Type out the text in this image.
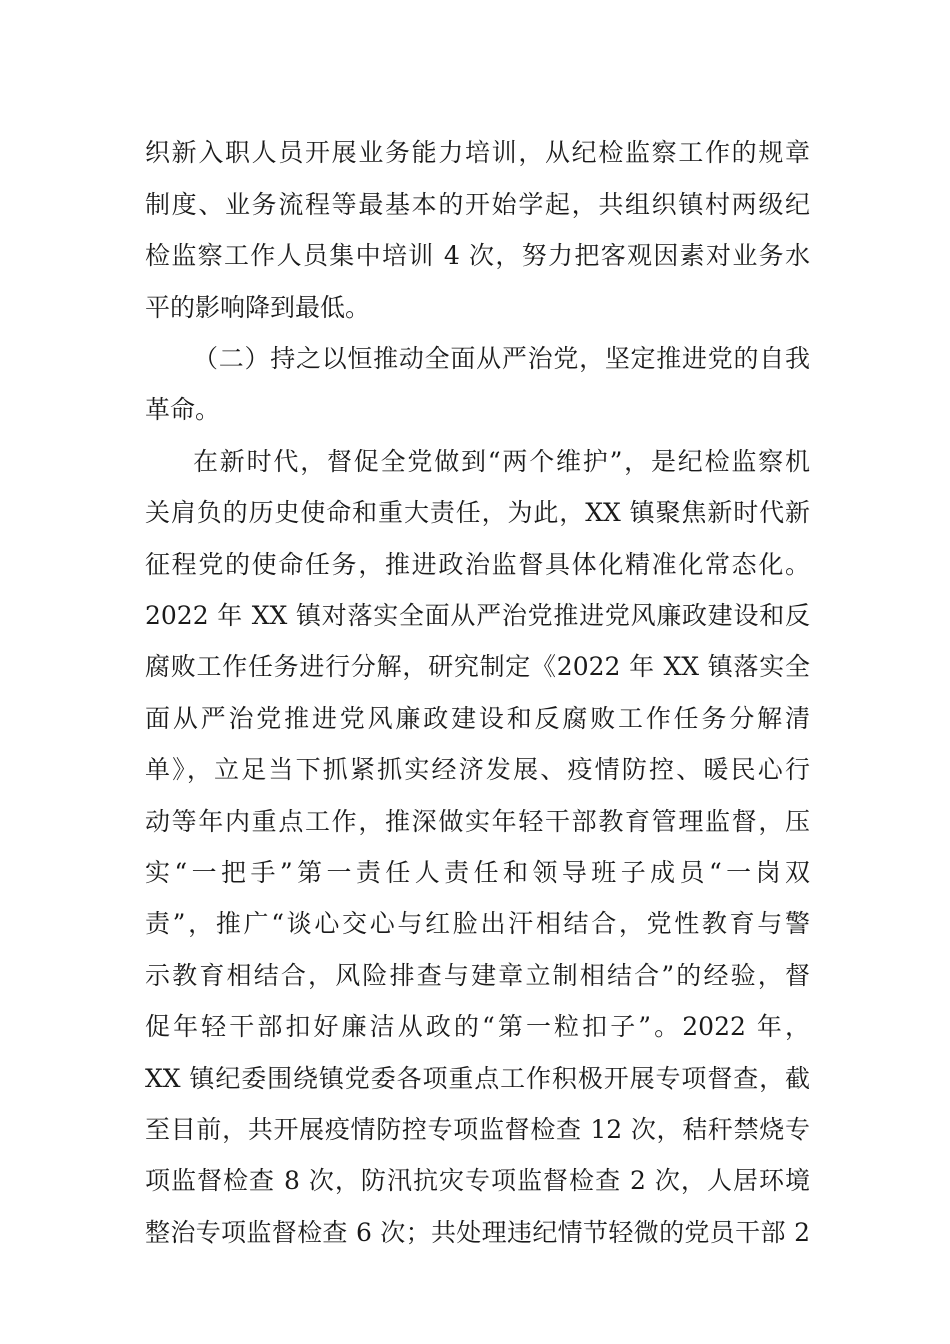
织新入职人员开展业务能力培训，从纪检监察工作的规章
制度、业务流程等最基本的开始学起，共组织镇村两级纪
检监察工作人员集中培训 4 次，努力把客观因素对业务水
平的影响降到最低。
（二）持之以恒推动全面从严治党，坚定推进党的自我
革命。
在新时代，督促全党做到“两个维护”，是纪检监察机
关肩负的历史使命和重大责任，为此，XX 镇聚焦新时代新
征程党的使命任务，推进政治监督具体化精准化常态化。
2022 年 XX 镇对落实全面从严治党推进党风廉政建设和反
腐败工作任务进行分解，研究制定《2022 年 XX 镇落实全
面从严治党推进党风廉政建设和反腐败工作任务分解清
单》，立足当下抓紧抓实经济发展、疫情防控、暖民心行
动等年内重点工作，推深做实年轻干部教育管理监督，压
实“一把手”第一责任人责任和领导班子成员“一岗双
责”，推广“谈心交心与红脸出汗相结合，党性教育与警
示教育相结合，风险排查与建章立制相结合”的经验，督
促年轻干部扣好廉洁从政的“第一粒扣子”。2022 年，
XX 镇纪委围绕镇党委各项重点工作积极开展专项督查，截
至目前，共开展疫情防控专项监督检查 12 次，秸秆禁烧专
项监督检查 8 次，防汛抗灾专项监督检查 2 次，人居环境
整治专项监督检查 6 次；共处理违纪情节轻微的党员干部 2
